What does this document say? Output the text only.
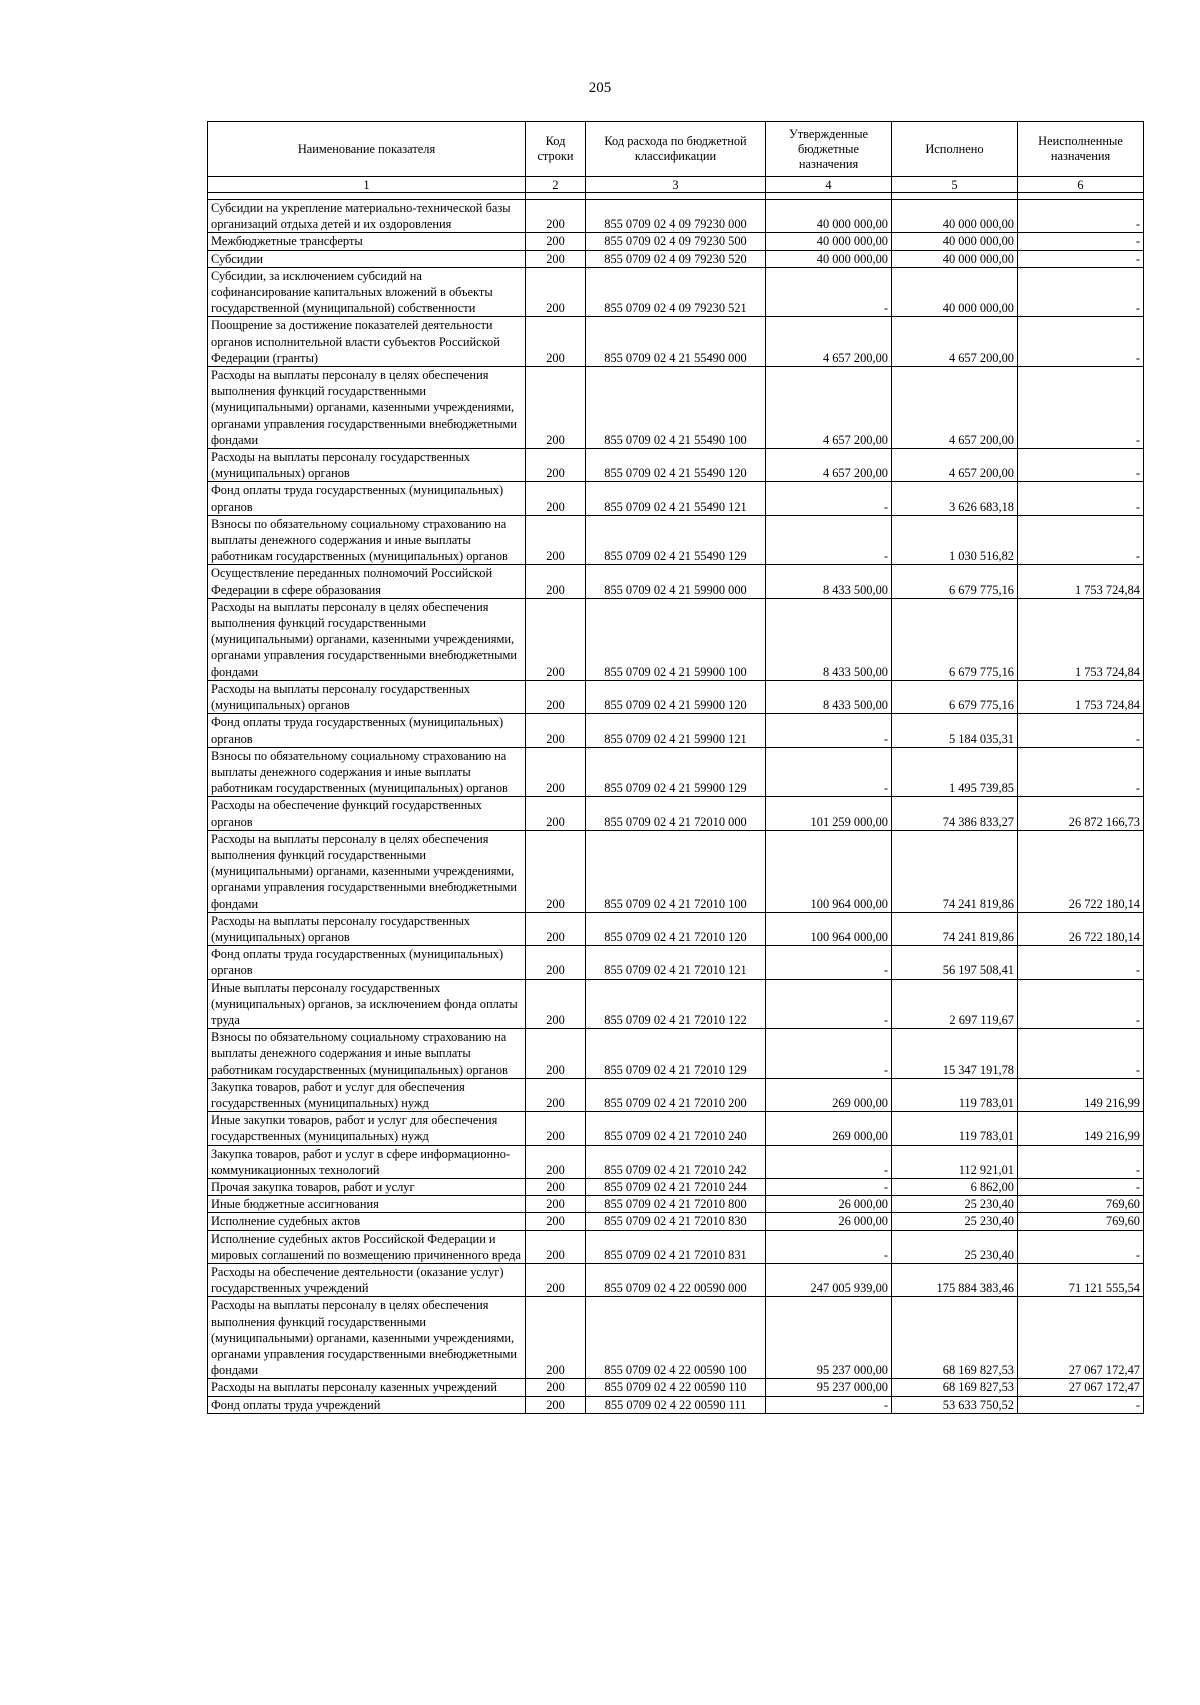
205
Наименование показателя	Код строки	Код расхода по бюджетной классификации	Утвержденные бюджетные назначения	Исполнено	Неисполненные назначения
1	2	3	4	5	6

Субсидии на укрепление материально-технической базы организаций отдыха детей и их оздоровления	200	855 0709 02 4 09 79230 000	40 000 000,00	40 000 000,00	-
Межбюджетные трансферты	200	855 0709 02 4 09 79230 500	40 000 000,00	40 000 000,00	-
Субсидии	200	855 0709 02 4 09 79230 520	40 000 000,00	40 000 000,00	-
Субсидии, за исключением субсидий на софинансирование капитальных вложений в объекты государственной (муниципальной) собственности	200	855 0709 02 4 09 79230 521	-	40 000 000,00	-
Поощрение за достижение показателей деятельности органов исполнительной власти субъектов Российской Федерации (гранты)	200	855 0709 02 4 21 55490 000	4 657 200,00	4 657 200,00	-
Расходы на выплаты персоналу в целях обеспечения выполнения функций государственными (муниципальными) органами, казенными учреждениями, органами управления государственными внебюджетными фондами	200	855 0709 02 4 21 55490 100	4 657 200,00	4 657 200,00	-
Расходы на выплаты персоналу государственных (муниципальных) органов	200	855 0709 02 4 21 55490 120	4 657 200,00	4 657 200,00	-
Фонд оплаты труда государственных (муниципальных) органов	200	855 0709 02 4 21 55490 121	-	3 626 683,18	-
Взносы по обязательному социальному страхованию на выплаты денежного содержания и иные выплаты работникам государственных (муниципальных) органов	200	855 0709 02 4 21 55490 129	-	1 030 516,82	-
Осуществление переданных полномочий Российской Федерации в сфере образования	200	855 0709 02 4 21 59900 000	8 433 500,00	6 679 775,16	1 753 724,84
Расходы на выплаты персоналу в целях обеспечения выполнения функций государственными (муниципальными) органами, казенными учреждениями, органами управления государственными внебюджетными фондами	200	855 0709 02 4 21 59900 100	8 433 500,00	6 679 775,16	1 753 724,84
Расходы на выплаты персоналу государственных (муниципальных) органов	200	855 0709 02 4 21 59900 120	8 433 500,00	6 679 775,16	1 753 724,84
Фонд оплаты труда государственных (муниципальных) органов	200	855 0709 02 4 21 59900 121	-	5 184 035,31	-
Взносы по обязательному социальному страхованию на выплаты денежного содержания и иные выплаты работникам государственных (муниципальных) органов	200	855 0709 02 4 21 59900 129	-	1 495 739,85	-
Расходы на обеспечение функций государственных органов	200	855 0709 02 4 21 72010 000	101 259 000,00	74 386 833,27	26 872 166,73
Расходы на выплаты персоналу в целях обеспечения выполнения функций государственными (муниципальными) органами, казенными учреждениями, органами управления государственными внебюджетными фондами	200	855 0709 02 4 21 72010 100	100 964 000,00	74 241 819,86	26 722 180,14
Расходы на выплаты персоналу государственных (муниципальных) органов	200	855 0709 02 4 21 72010 120	100 964 000,00	74 241 819,86	26 722 180,14
Фонд оплаты труда государственных (муниципальных) органов	200	855 0709 02 4 21 72010 121	-	56 197 508,41	-
Иные выплаты персоналу государственных (муниципальных) органов, за исключением фонда оплаты труда	200	855 0709 02 4 21 72010 122	-	2 697 119,67	-
Взносы по обязательному социальному страхованию на выплаты денежного содержания и иные выплаты работникам государственных (муниципальных) органов	200	855 0709 02 4 21 72010 129	-	15 347 191,78	-
Закупка товаров, работ и услуг для обеспечения государственных (муниципальных) нужд	200	855 0709 02 4 21 72010 200	269 000,00	119 783,01	149 216,99
Иные закупки товаров, работ и услуг для обеспечения государственных (муниципальных) нужд	200	855 0709 02 4 21 72010 240	269 000,00	119 783,01	149 216,99
Закупка товаров, работ и услуг в сфере информационно-коммуникационных технологий	200	855 0709 02 4 21 72010 242	-	112 921,01	-
Прочая закупка товаров, работ и услуг	200	855 0709 02 4 21 72010 244	-	6 862,00	-
Иные бюджетные ассигнования	200	855 0709 02 4 21 72010 800	26 000,00	25 230,40	769,60
Исполнение судебных актов	200	855 0709 02 4 21 72010 830	26 000,00	25 230,40	769,60
Исполнение судебных актов Российской Федерации и мировых соглашений по возмещению причиненного вреда	200	855 0709 02 4 21 72010 831	-	25 230,40	-
Расходы на обеспечение деятельности (оказание услуг) государственных учреждений	200	855 0709 02 4 22 00590 000	247 005 939,00	175 884 383,46	71 121 555,54
Расходы на выплаты персоналу в целях обеспечения выполнения функций государственными (муниципальными) органами, казенными учреждениями, органами управления государственными внебюджетными фондами	200	855 0709 02 4 22 00590 100	95 237 000,00	68 169 827,53	27 067 172,47
Расходы на выплаты персоналу казенных учреждений	200	855 0709 02 4 22 00590 110	95 237 000,00	68 169 827,53	27 067 172,47
Фонд оплаты труда учреждений	200	855 0709 02 4 22 00590 111	-	53 633 750,52	-
